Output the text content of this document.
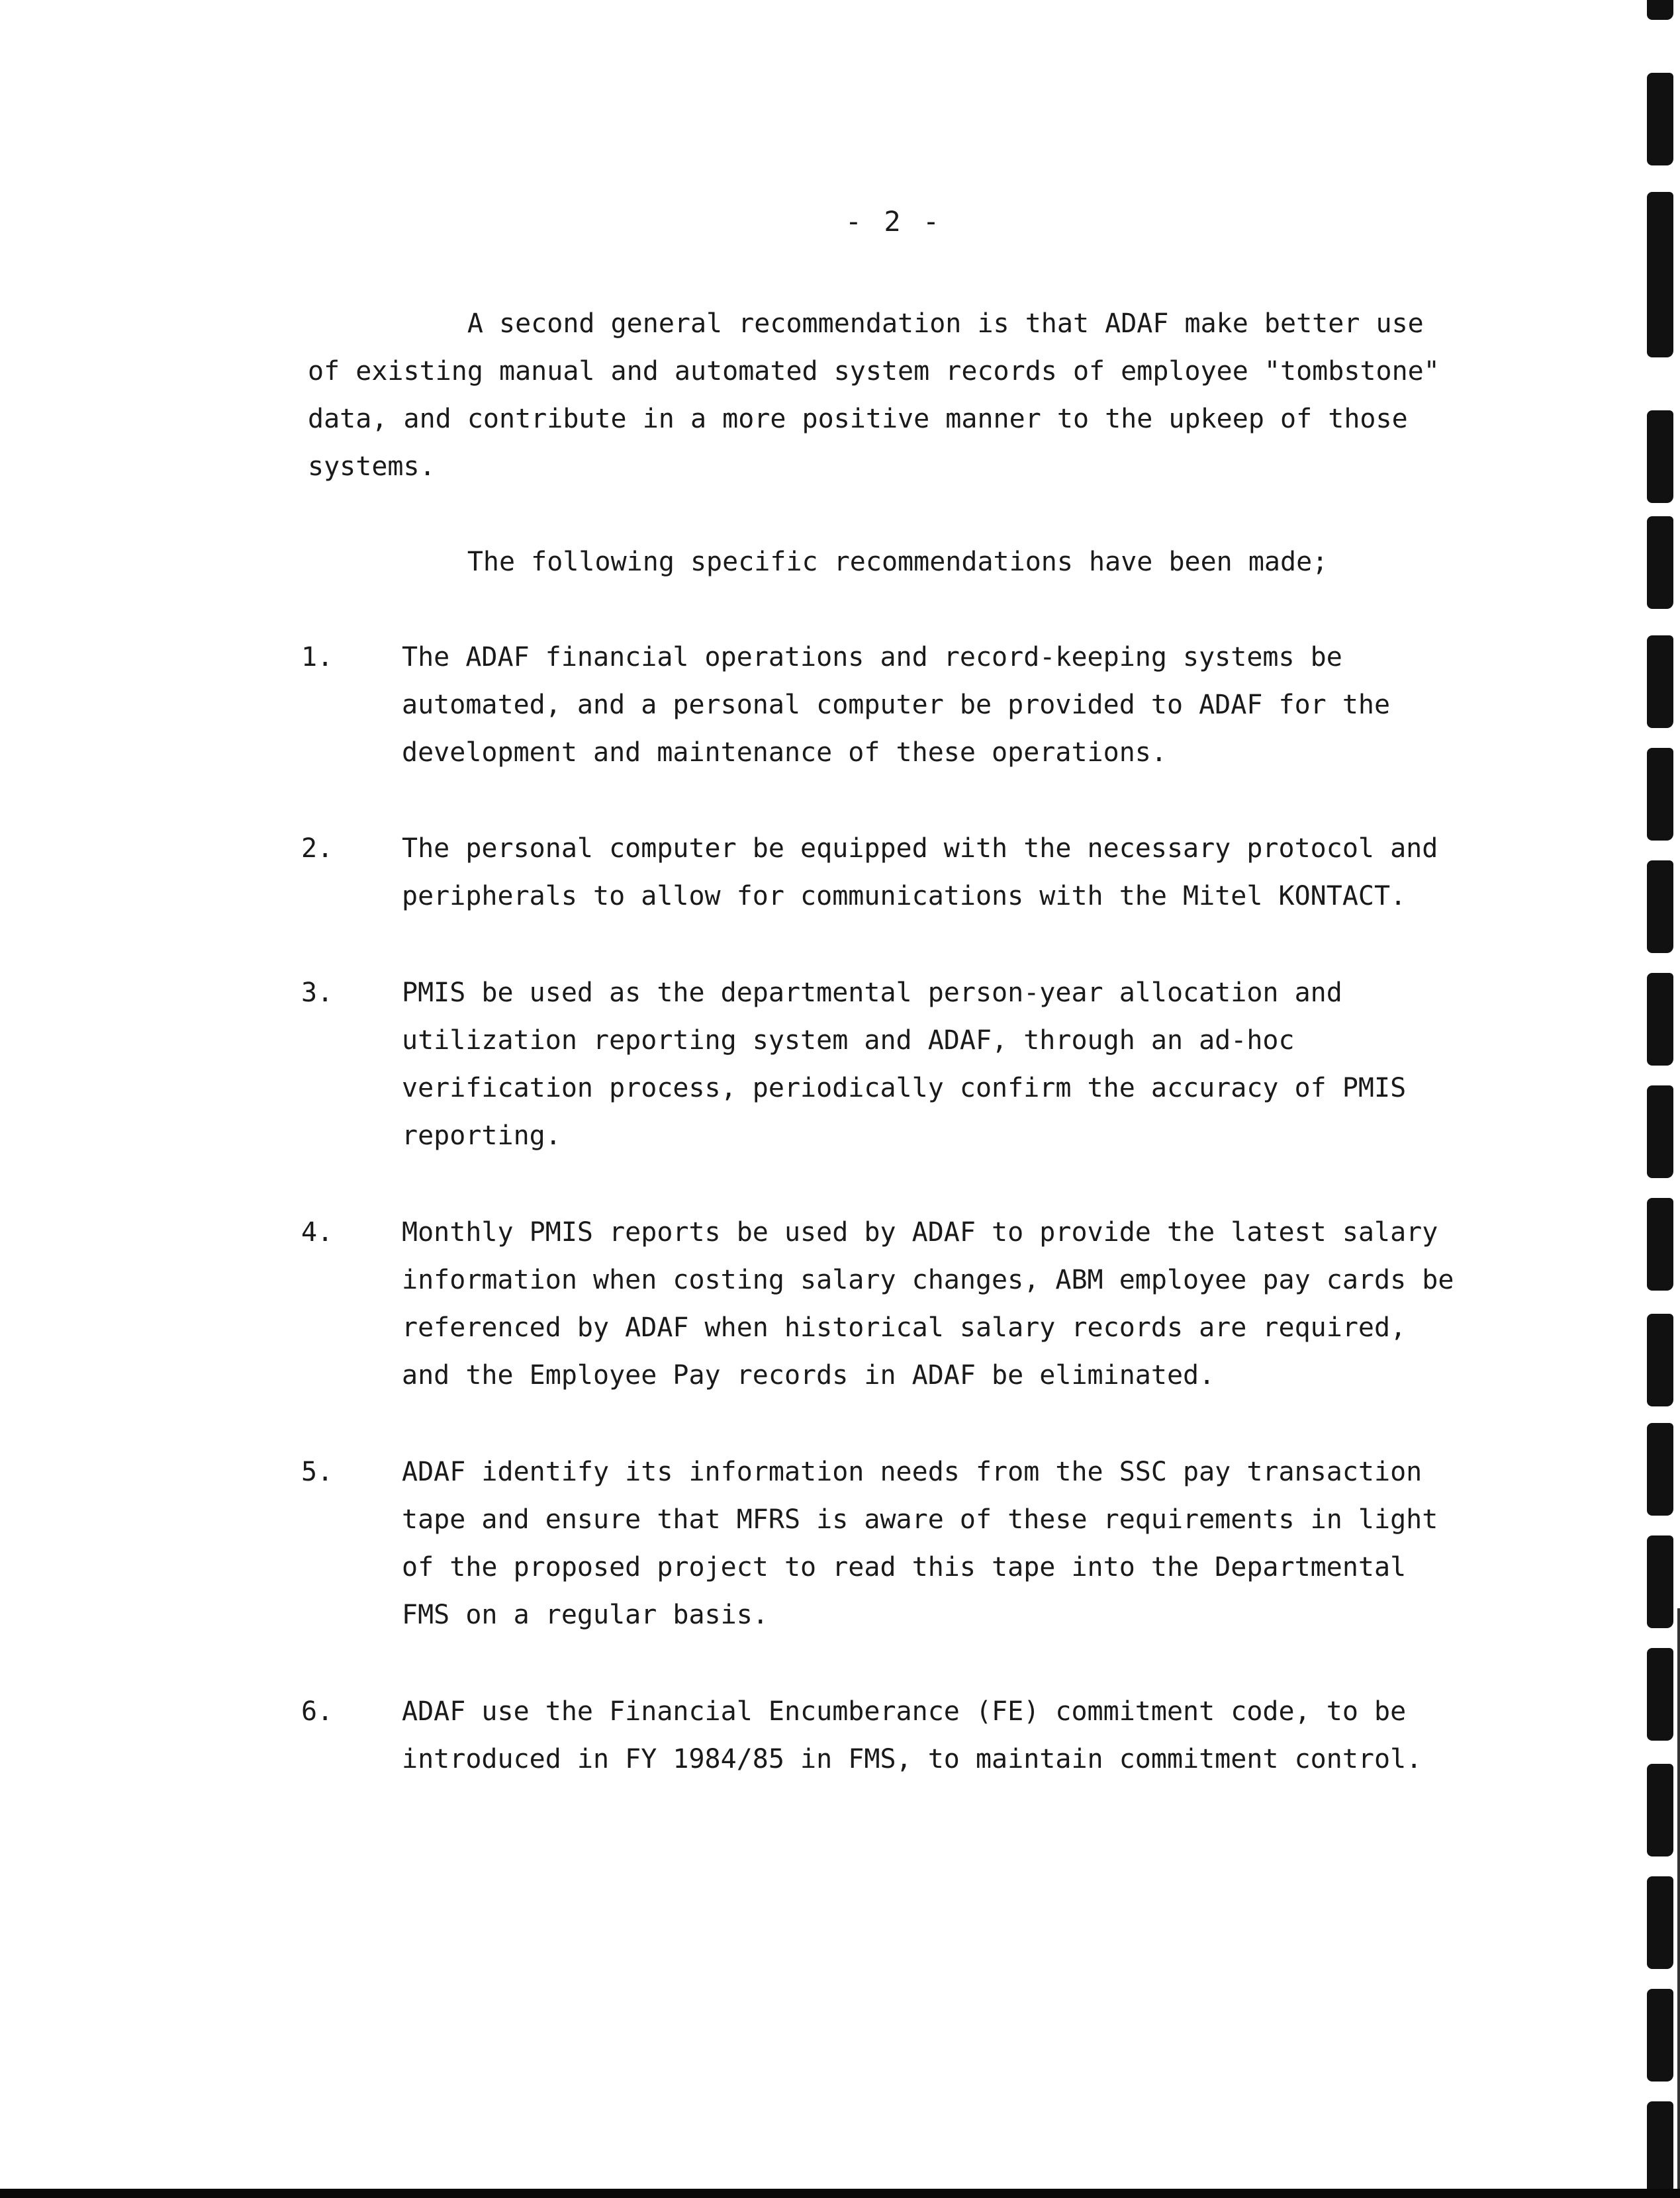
- 2 -

A second general recommendation is that ADAF make better use
of existing manual and automated system records of employee "tombstone"
data, and contribute in a more positive manner to the upkeep of those
systems.

The following specific recommendations have been made;

1.	The ADAF financial operations and record-keeping systems be
automated, and a personal computer be provided to ADAF for the
development and maintenance of these operations.
2.	The personal computer be equipped with the necessary protocol and
peripherals to allow for communications with the Mitel KONTACT.
3.	PMIS be used as the departmental person-year allocation and
utilization reporting system and ADAF, through an ad-hoc
verification process, periodically confirm the accuracy of PMIS
reporting.
4.	Monthly PMIS reports be used by ADAF to provide the latest salary
information when costing salary changes, ABM employee pay cards be
referenced by ADAF when historical salary records are required,
and the Employee Pay records in ADAF be eliminated.
5.	ADAF identify its information needs from the SSC pay transaction
tape and ensure that MFRS is aware of these requirements in light
of the proposed project to read this tape into the Departmental
FMS on a regular basis.
6.	ADAF use the Financial Encumberance (FE) commitment code, to be
introduced in FY 1984/85 in FMS, to maintain commitment control.
